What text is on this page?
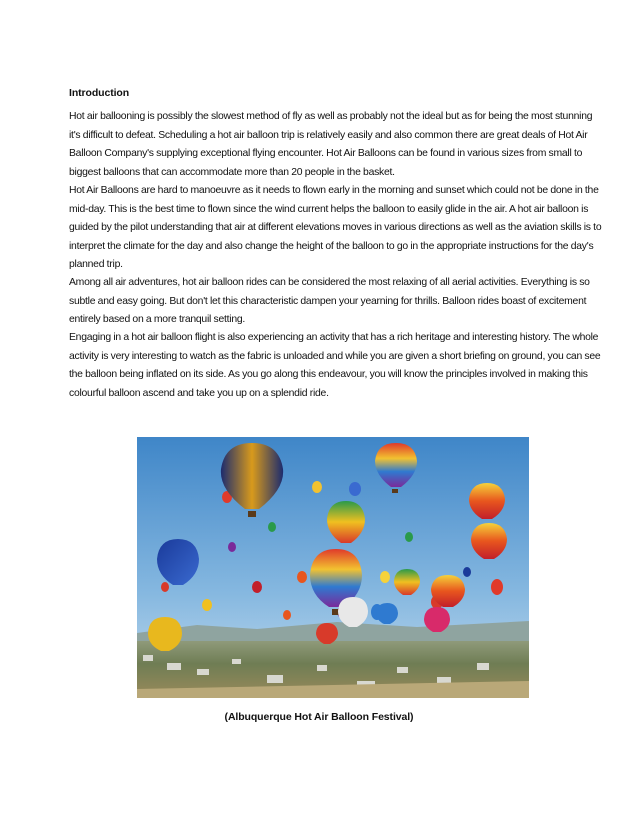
Introduction

Hot air ballooning is possibly the slowest method of fly as well as probably not the ideal but as for being the most stunning it's difficult to defeat. Scheduling a hot air balloon trip is relatively easily and also common there are great deals of Hot Air Balloon Company's supplying exceptional flying encounter. Hot Air Balloons can be found in various sizes from small to biggest balloons that can accommodate more than 20 people in the basket.

Hot Air Balloons are hard to manoeuvre as it needs to flown early in the morning and sunset which could not be done in the mid-day. This is the best time to flown since the wind current helps the balloon to easily glide in the air. A hot air balloon is guided by the pilot understanding that air at different elevations moves in various directions as well as the aviation skills is to interpret the climate for the day and also change the height of the balloon to go in the appropriate instructions for the day's planned trip.

Among all air adventures, hot air balloon rides can be considered the most relaxing of all aerial activities. Everything is so subtle and easy going. But don't let this characteristic dampen your yearning for thrills. Balloon rides boast of excitement entirely based on a more tranquil setting.

Engaging in a hot air balloon flight is also experiencing an activity that has a rich heritage and interesting history. The whole activity is very interesting to watch as the fabric is unloaded and while you are given a short briefing on ground, you can see the balloon being inflated on its side. As you go along this endeavour, you will know the principles involved in making this colourful balloon ascend and take you up on a splendid ride.

(Albuquerque Hot Air Balloon Festival)
